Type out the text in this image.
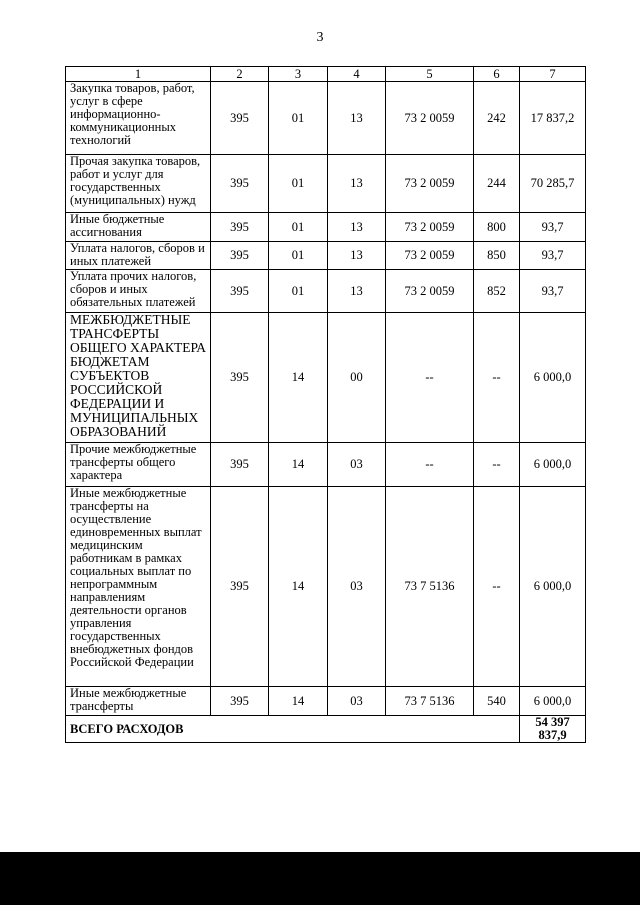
3
1	2	3	4	5	6	7
Закупка товаров, работ, услуг в сфере информационно-коммуникационных технологий	395	01	13	73 2 0059	242	17 837,2
Прочая закупка товаров, работ и услуг для государственных (муниципальных) нужд	395	01	13	73 2 0059	244	70 285,7
Иные бюджетные ассигнования	395	01	13	73 2 0059	800	93,7
Уплата налогов, сборов и иных платежей	395	01	13	73 2 0059	850	93,7
Уплата прочих налогов, сборов и иных обязательных платежей	395	01	13	73 2 0059	852	93,7
МЕЖБЮДЖЕТНЫЕ ТРАНСФЕРТЫ ОБЩЕГО ХАРАКТЕРА БЮДЖЕТАМ СУБЪЕКТОВ РОССИЙСКОЙ ФЕДЕРАЦИИ И МУНИЦИПАЛЬНЫХ ОБРАЗОВАНИЙ	395	14	00	--	--	6 000,0
Прочие межбюджетные трансферты общего характера	395	14	03	--	--	6 000,0
Иные межбюджетные трансферты на осуществление единовременных выплат медицинским работникам в рамках социальных выплат по непрограммным направлениям деятельности органов управления государственных внебюджетных фондов Российской Федерации	395	14	03	73 7 5136	--	6 000,0
Иные межбюджетные трансферты	395	14	03	73 7 5136	540	6 000,0
ВСЕГО РАСХОДОВ						54 397 837,9
